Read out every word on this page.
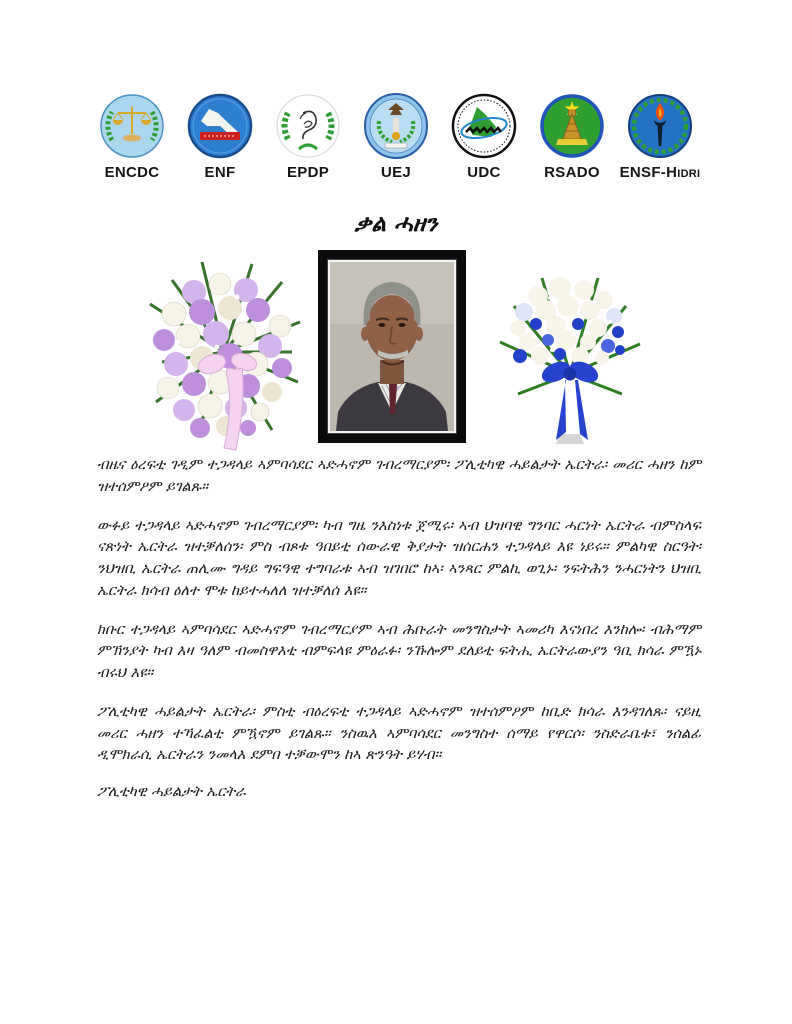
ENCDC	ENF	EPDP	UEJ	UDC	RSADO ENSF-Hidri
ቃል ሓዘን

ብዜና ዕረፍቲ ገዲም ተጋዳላይ ኣምባሳደር ኣድሓኖም ገብረማርያም፡ ፖሊቲካዊ ሓይልታት ኤርትራ፡ መሪር ሓዘን ከም ዝተሰምዖም ይገልጹ።

ውፉይ ተጋዳላይ ኣድሓኖም ገብረማርያም፡ ካብ ግዜ ንእስነቱ ጀሚሩ፡ ኣብ ህዝባዊ ግንባር ሓርነት ኤርትራ ብምስላፍ ናጽነት ኤርትራ ዝተቓለሰን፡ ምስ ብጾቱ ዓበይቲ ሰውራዊ ቅያታት ዝሰርሐን ተጋዳላይ እዩ ነይሩ። ምልካዊ ስርዓት፡ ንህዝቢ ኤርትራ ጠሊሙ ግዳይ ግፍዓዊ ተግባራቱ ኣብ ዝገበሮ ከኣ፡ ኣንጻር ምልኪ ወጊኑ፡ ንፍትሕን ንሓርነትን ህዝቢ ኤርትራ ክሳብ ዕለተ ሞቱ ከይተሓለለ ዝተቓለሰ እዩ።

ክቡር ተጋዳላይ ኣምባሳደር ኣድሓኖም ገብረማርያም ኣብ ሕቡራት መንግስታት ኣመሪካ እናነበረ እንከሎ፡ ብሕማም ምኽንያት ካብ እዛ ዓለም ብመስዋእቲ ብምፍላዩ ምዕራፉ፡ ንኹሎም ደለይቲ ፍትሒ ኤርትራውያን ዓቢ ክሳራ ምዃኑ ብሩህ እዩ።

ፖሊቲካዊ ሓይልታት ኤርትራ፡ ምስቲ ብዕረፍቲ ተጋዳላይ ኣድሓኖም ዝተሰምዖም ከቢድ ክሳራ እንዳገለጹ፡ ናይዚ መሪር ሓዘን ተኻፈልቲ ምዃኖም ይገልጹ። ንስዉእ ኣምባሳደር መንግስተ ሰማይ የዋርሶ፡ ንስድራቤቱ፣ ንሰልፊ ዲሞክራሲ ኤርትራን ንመላእ ደምበ ተቓውሞን ከኣ ጽንዓት ይሃብ።

ፖሊቲካዊ ሓይልታት ኤርትራ
